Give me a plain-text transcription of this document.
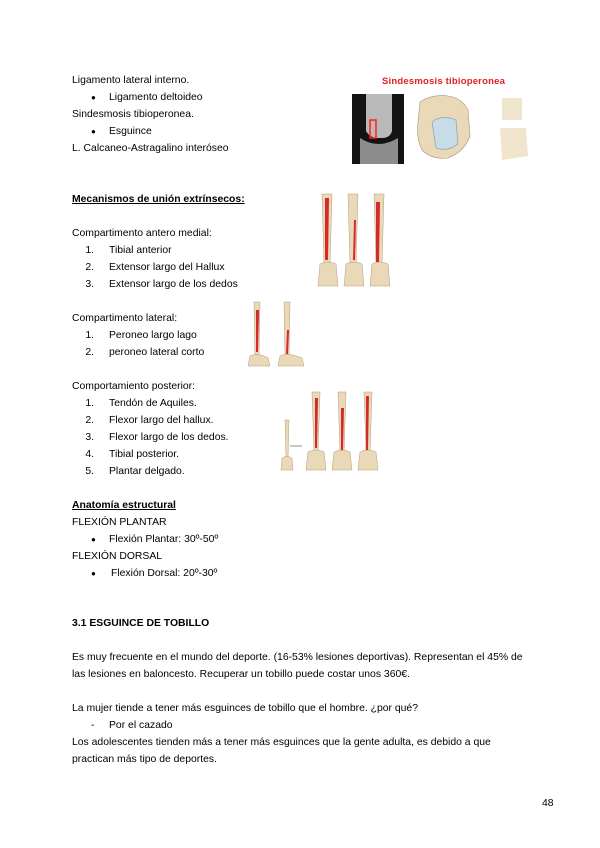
Ligamento lateral interno.
● Ligamento deltoideo
Sindesmosis tibioperonea.
● Esguince
L. Calcaneo-Astragalino interóseo
Sindesmosis tibioperonea
Mecanismos de unión extrínsecos:
Compartimento antero medial:
1. Tibial anterior
2. Extensor largo del Hallux
3. Extensor largo de los dedos
Compartimento lateral:
1. Peroneo largo lago
2. peroneo lateral corto
Comportamiento posterior:
1. Tendón de Aquiles.
2. Flexor largo del hallux.
3. Flexor largo de los dedos.
4. Tibial posterior.
5. Plantar delgado.
Anatomía estructural
FLEXIÓN PLANTAR
● Flexión Plantar: 30º-50º
FLEXIÓN DORSAL
● Flexión Dorsal: 20º-30º
3.1 ESGUINCE DE TOBILLO
Es muy frecuente en el mundo del deporte. (16-53% lesiones deportivas). Representan el 45% de
las lesiones en baloncesto. Recuperar un tobillo puede costar unos 360€.
La mujer tiende a tener más esguinces de tobillo que el hombre. ¿por qué?
- Por el cazado
Los adolescentes tienden más a tener más esguinces que la gente adulta, es debido a que
practican más tipo de deportes.
48
